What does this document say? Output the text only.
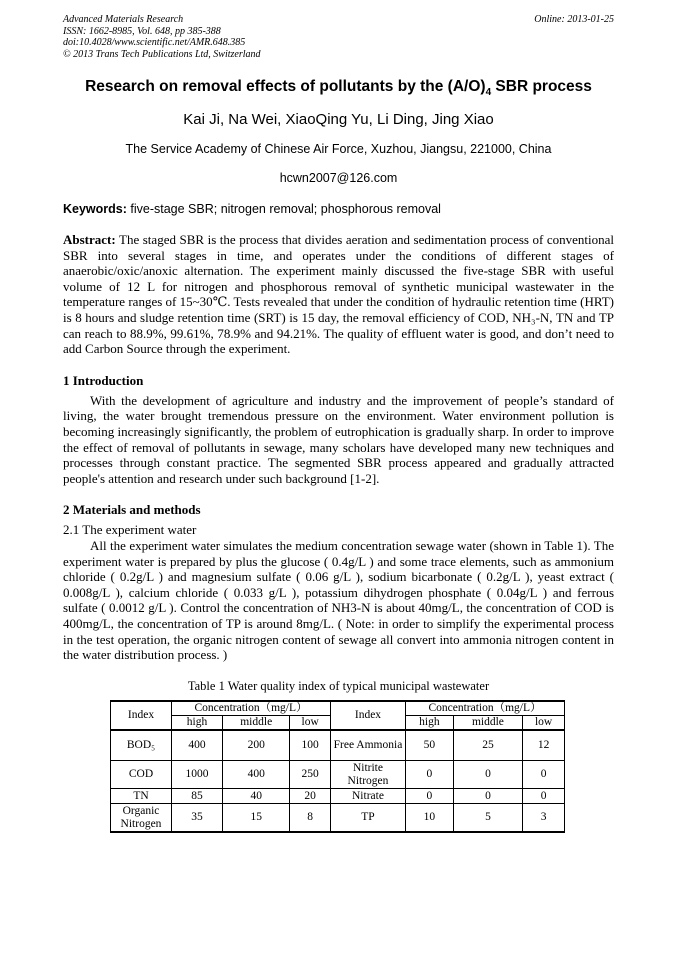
Advanced Materials Research
ISSN: 1662-8985, Vol. 648, pp 385-388
doi:10.4028/www.scientific.net/AMR.648.385
© 2013 Trans Tech Publications Ltd, Switzerland
Online: 2013-01-25
Research on removal effects of pollutants by the $(A/O)_4$ SBR process
Kai Ji, Na Wei, XiaoQing Yu, Li Ding, Jing Xiao
The Service Academy of Chinese Air Force, Xuzhou, Jiangsu, 221000, China
hcwn2007@126.com
Keywords: five-stage SBR; nitrogen removal; phosphorous removal

Abstract: The staged SBR is the process that divides aeration and sedimentation process of conventional SBR into several stages in time, and operates under the conditions of different stages of anaerobic/oxic/anoxic alternation. The experiment mainly discussed the five-stage SBR with useful volume of 12 L for nitrogen and phosphorous removal of synthetic municipal wastewater in the temperature ranges of 15~30℃. Tests revealed that under the condition of hydraulic retention time (HRT) is 8 hours and sludge retention time (SRT) is 15 day, the removal efficiency of COD, NH₃-N, TN and TP can reach to 88.9%, 99.61%, 78.9% and 94.21%. The quality of effluent water is good, and don’t need to add Carbon Source through the experiment.

1 Introduction

With the development of agriculture and industry and the improvement of people’s standard of living, the water brought tremendous pressure on the environment. Water environment pollution is becoming increasingly significantly, the problem of eutrophication is gradually sharp. In order to improve the effect of removal of pollutants in sewage, many scholars have developed many new techniques and processes through constant practice. The segmented SBR process appeared and gradually attracted people's attention and research under such background [1-2].

2 Materials and methods
2.1 The experiment water

All the experiment water simulates the medium concentration sewage water (shown in Table 1). The experiment water is prepared by plus the glucose ( 0.4g/L ) and some trace elements, such as ammonium chloride ( 0.2g/L ) and magnesium sulfate ( 0.06 g/L ), sodium bicarbonate ( 0.2g/L ), yeast extract ( 0.008g/L ), calcium chloride ( 0.033 g/L ), potassium dihydrogen phosphate ( 0.04g/L ) and ferrous sulfate ( 0.0012 g/L ). Control the concentration of NH3-N is about 40mg/L, the concentration of COD is 400mg/L, the concentration of TP is around 8mg/L. ( Note: in order to simplify the experimental process in the test operation, the organic nitrogen content of sewage all convert into ammonia nitrogen content in the water distribution process. )

Table 1 Water quality index of typical municipal wastewater
Index	Concentration（mg/L）			Index	Concentration（mg/L）		
	high	middle	low		high	middle	low
BOD₅	400	200	100	Free Ammonia	50	25	12
COD	1000	400	250	Nitrite Nitrogen	0	0	0
TN	85	40	20	Nitrate	0	0	0
Organic Nitrogen	35	15	8	TP	10	5	3
